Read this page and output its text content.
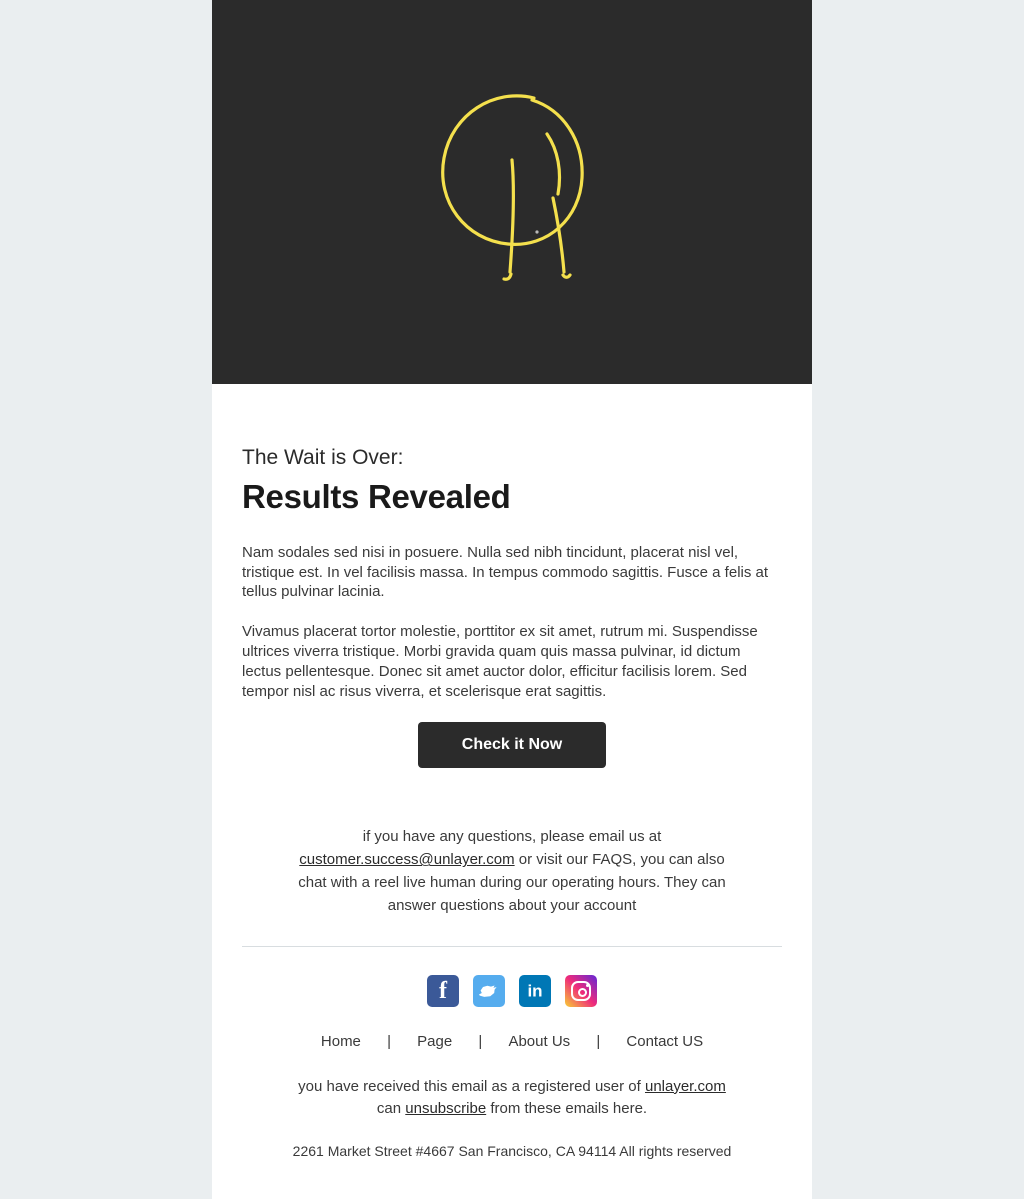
The Wait is Over:

Results Revealed

Nam sodales sed nisi in posuere. Nulla sed nibh tincidunt, placerat nisl vel, tristique est. In vel facilisis massa. In tempus commodo sagittis. Fusce a felis at tellus pulvinar lacinia.

Vivamus placerat tortor molestie, porttitor ex sit amet, rutrum mi. Suspendisse ultrices viverra tristique. Morbi gravida quam quis massa pulvinar, id dictum lectus pellentesque. Donec sit amet auctor dolor, efficitur facilisis lorem. Sed tempor nisl ac risus viverra, et scelerisque erat sagittis.

Check it Now
if you have any questions, please email us at
customer.success@unlayer.com or visit our FAQS, you can also
chat with a reel live human during our operating hours. They can
answer questions about your account

Home | Page | About Us | Contact US
you have received this email as a registered user of unlayer.com
can unsubscribe from these emails here.
2261 Market Street #4667 San Francisco, CA 94114 All rights reserved
